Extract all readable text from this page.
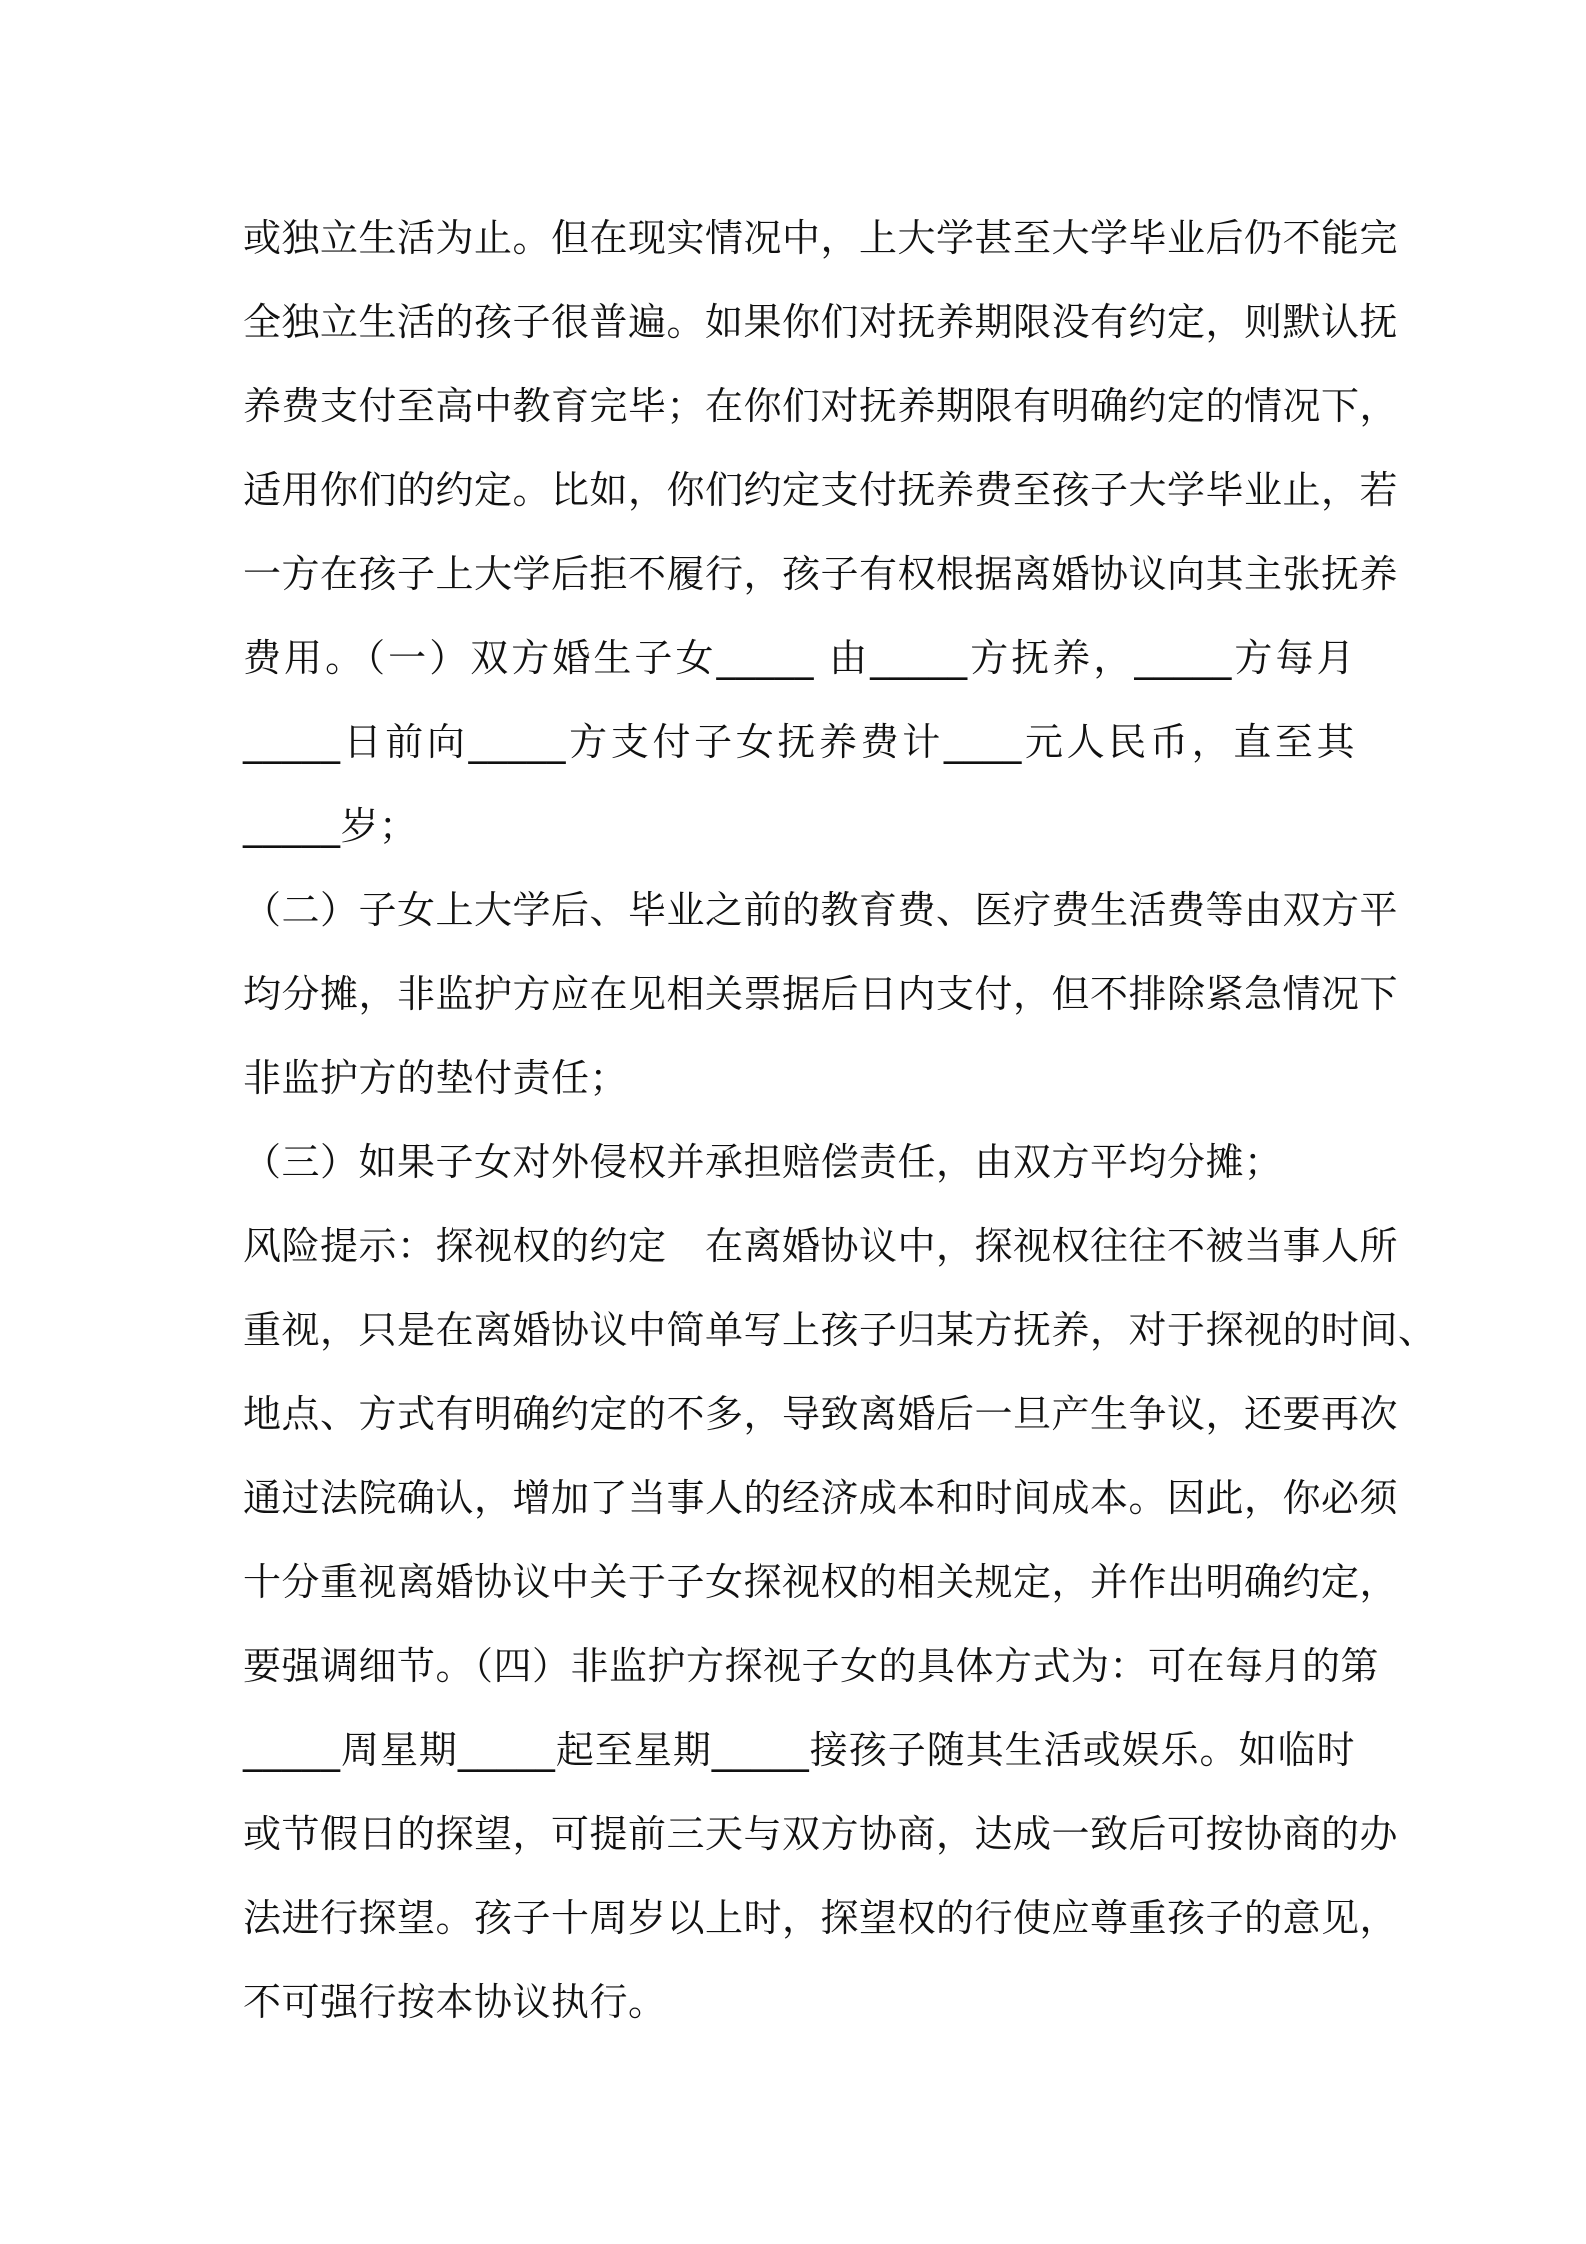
或独立生活为止。但在现实情况中，上大学甚至大学毕业后仍不能完
全独立生活的孩子很普遍。如果你们对抚养期限没有约定，则默认抚
养费支付至高中教育完毕；在你们对抚养期限有明确约定的情况下，
适用你们的约定。比如，你们约定支付抚养费至孩子大学毕业止，若
一方在孩子上大学后拒不履行，孩子有权根据离婚协议向其主张抚养
费用。（一）双方婚生子女_____ 由_____方抚养，_____方每月
_____日前向_____方支付子女抚养费计____元人民币，直至其
_____岁；
（二）子女上大学后、毕业之前的教育费、医疗费生活费等由双方平
均分摊，非监护方应在见相关票据后日内支付，但不排除紧急情况下
非监护方的垫付责任；
（三）如果子女对外侵权并承担赔偿责任，由双方平均分摊；
风险提示：探视权的约定　在离婚协议中，探视权往往不被当事人所
重视，只是在离婚协议中简单写上孩子归某方抚养，对于探视的时间、
地点、方式有明确约定的不多，导致离婚后一旦产生争议，还要再次
通过法院确认，增加了当事人的经济成本和时间成本。因此，你必须
十分重视离婚协议中关于子女探视权的相关规定，并作出明确约定，
要强调细节。（四）非监护方探视子女的具体方式为：可在每月的第
_____周星期_____起至星期_____接孩子随其生活或娱乐。如临时
或节假日的探望，可提前三天与双方协商，达成一致后可按协商的办
法进行探望。孩子十周岁以上时，探望权的行使应尊重孩子的意见，
不可强行按本协议执行。
